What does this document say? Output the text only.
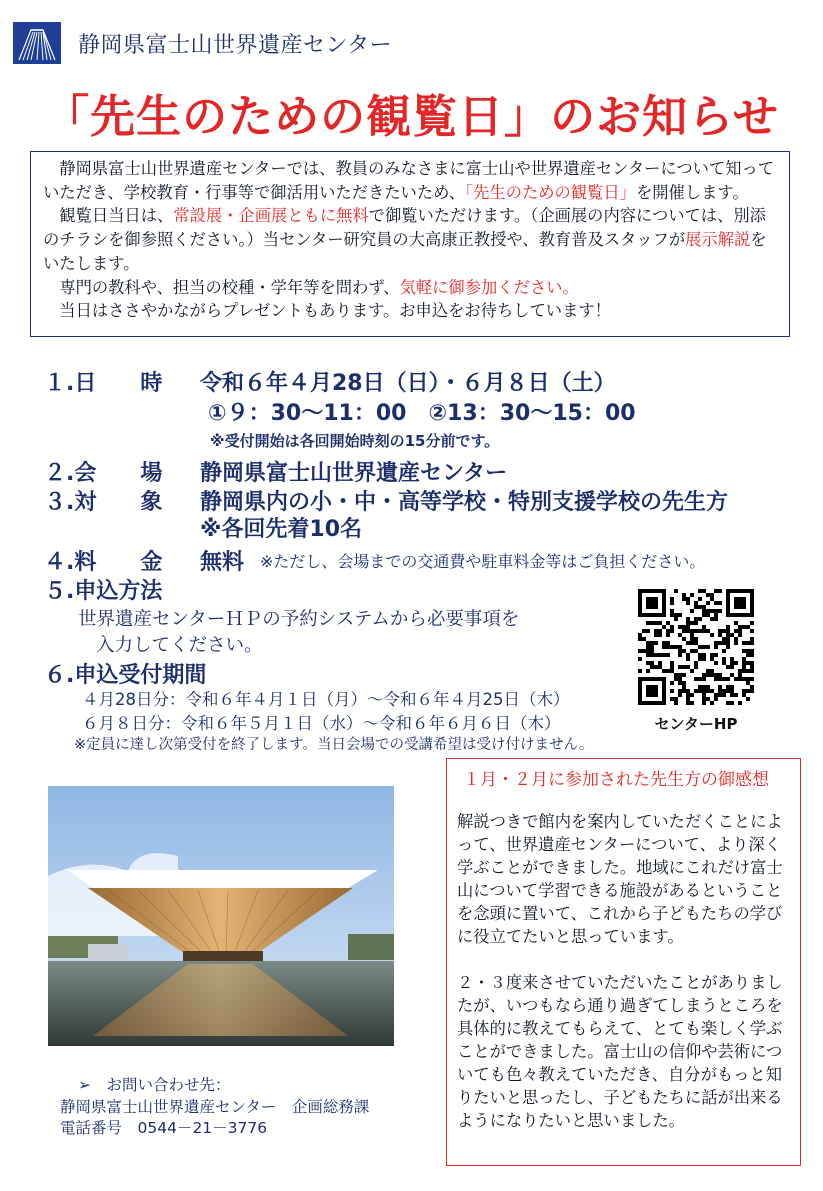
静岡県富士山世界遺産センター
「先生のための観覧日」のお知らせ

静岡県富士山世界遺産センターでは、教員のみなさまに富士山や世界遺産センターについて知っていただき、学校教育・行事等で御活用いただきたいため、「先生のための観覧日」を開催します。

観覧日当日は、常設展・企画展ともに無料で御覧いただけます。（企画展の内容については、別添のチラシを御参照ください。）当センター研究員の大高康正教授や、教育普及スタッフが展示解説をいたします。

専門の教科や、担当の校種・学年等を問わず、気軽に御参加ください。

当日はささやかながらプレゼントもあります。お申込をお待ちしています！

１.日　　時 令和６年４月28日（日）・６月８日（土）
①９：30～11：00　②13：30～15：00
※受付開始は各回開始時刻の15分前です。
２.会　　場 静岡県富士山世界遺産センター
３.対　　象 静岡県内の小・中・高等学校・特別支援学校の先生方
※各回先着10名
４.料　　金 無料 ※ただし、会場までの交通費や駐車料金等はご負担ください。
５.申込方法
世界遺産センターＨＰの予約システムから必要事項を
入力してください。
６.申込受付期間
４月28日分：令和６年４月１日（月）～令和６年４月25日（木）
６月８日分：令和６年５月１日（水）～令和６年６月６日（木）
※定員に達し次第受付を終了します。当日会場での受講希望は受け付けません。
センターHP
１月・２月に参加された先生方の御感想

解説つきで館内を案内していただくことによって、世界遺産センターについて、より深く学ぶことができました。地域にこれだけ富士山について学習できる施設があるということを念頭に置いて、これから子どもたちの学びに役立てたいと思っています。

２・３度来させていただいたことがありましたが、いつもなら通り過ぎてしまうところを具体的に教えてもらえて、とても楽しく学ぶことができました。富士山の信仰や芸術についても色々教えていただき、自分がもっと知りたいと思ったし、子どもたちに話が出来るようになりたいと思いました。

➢　お問い合わせ先：
静岡県富士山世界遺産センター　企画総務課
電話番号　0544－21－3776
